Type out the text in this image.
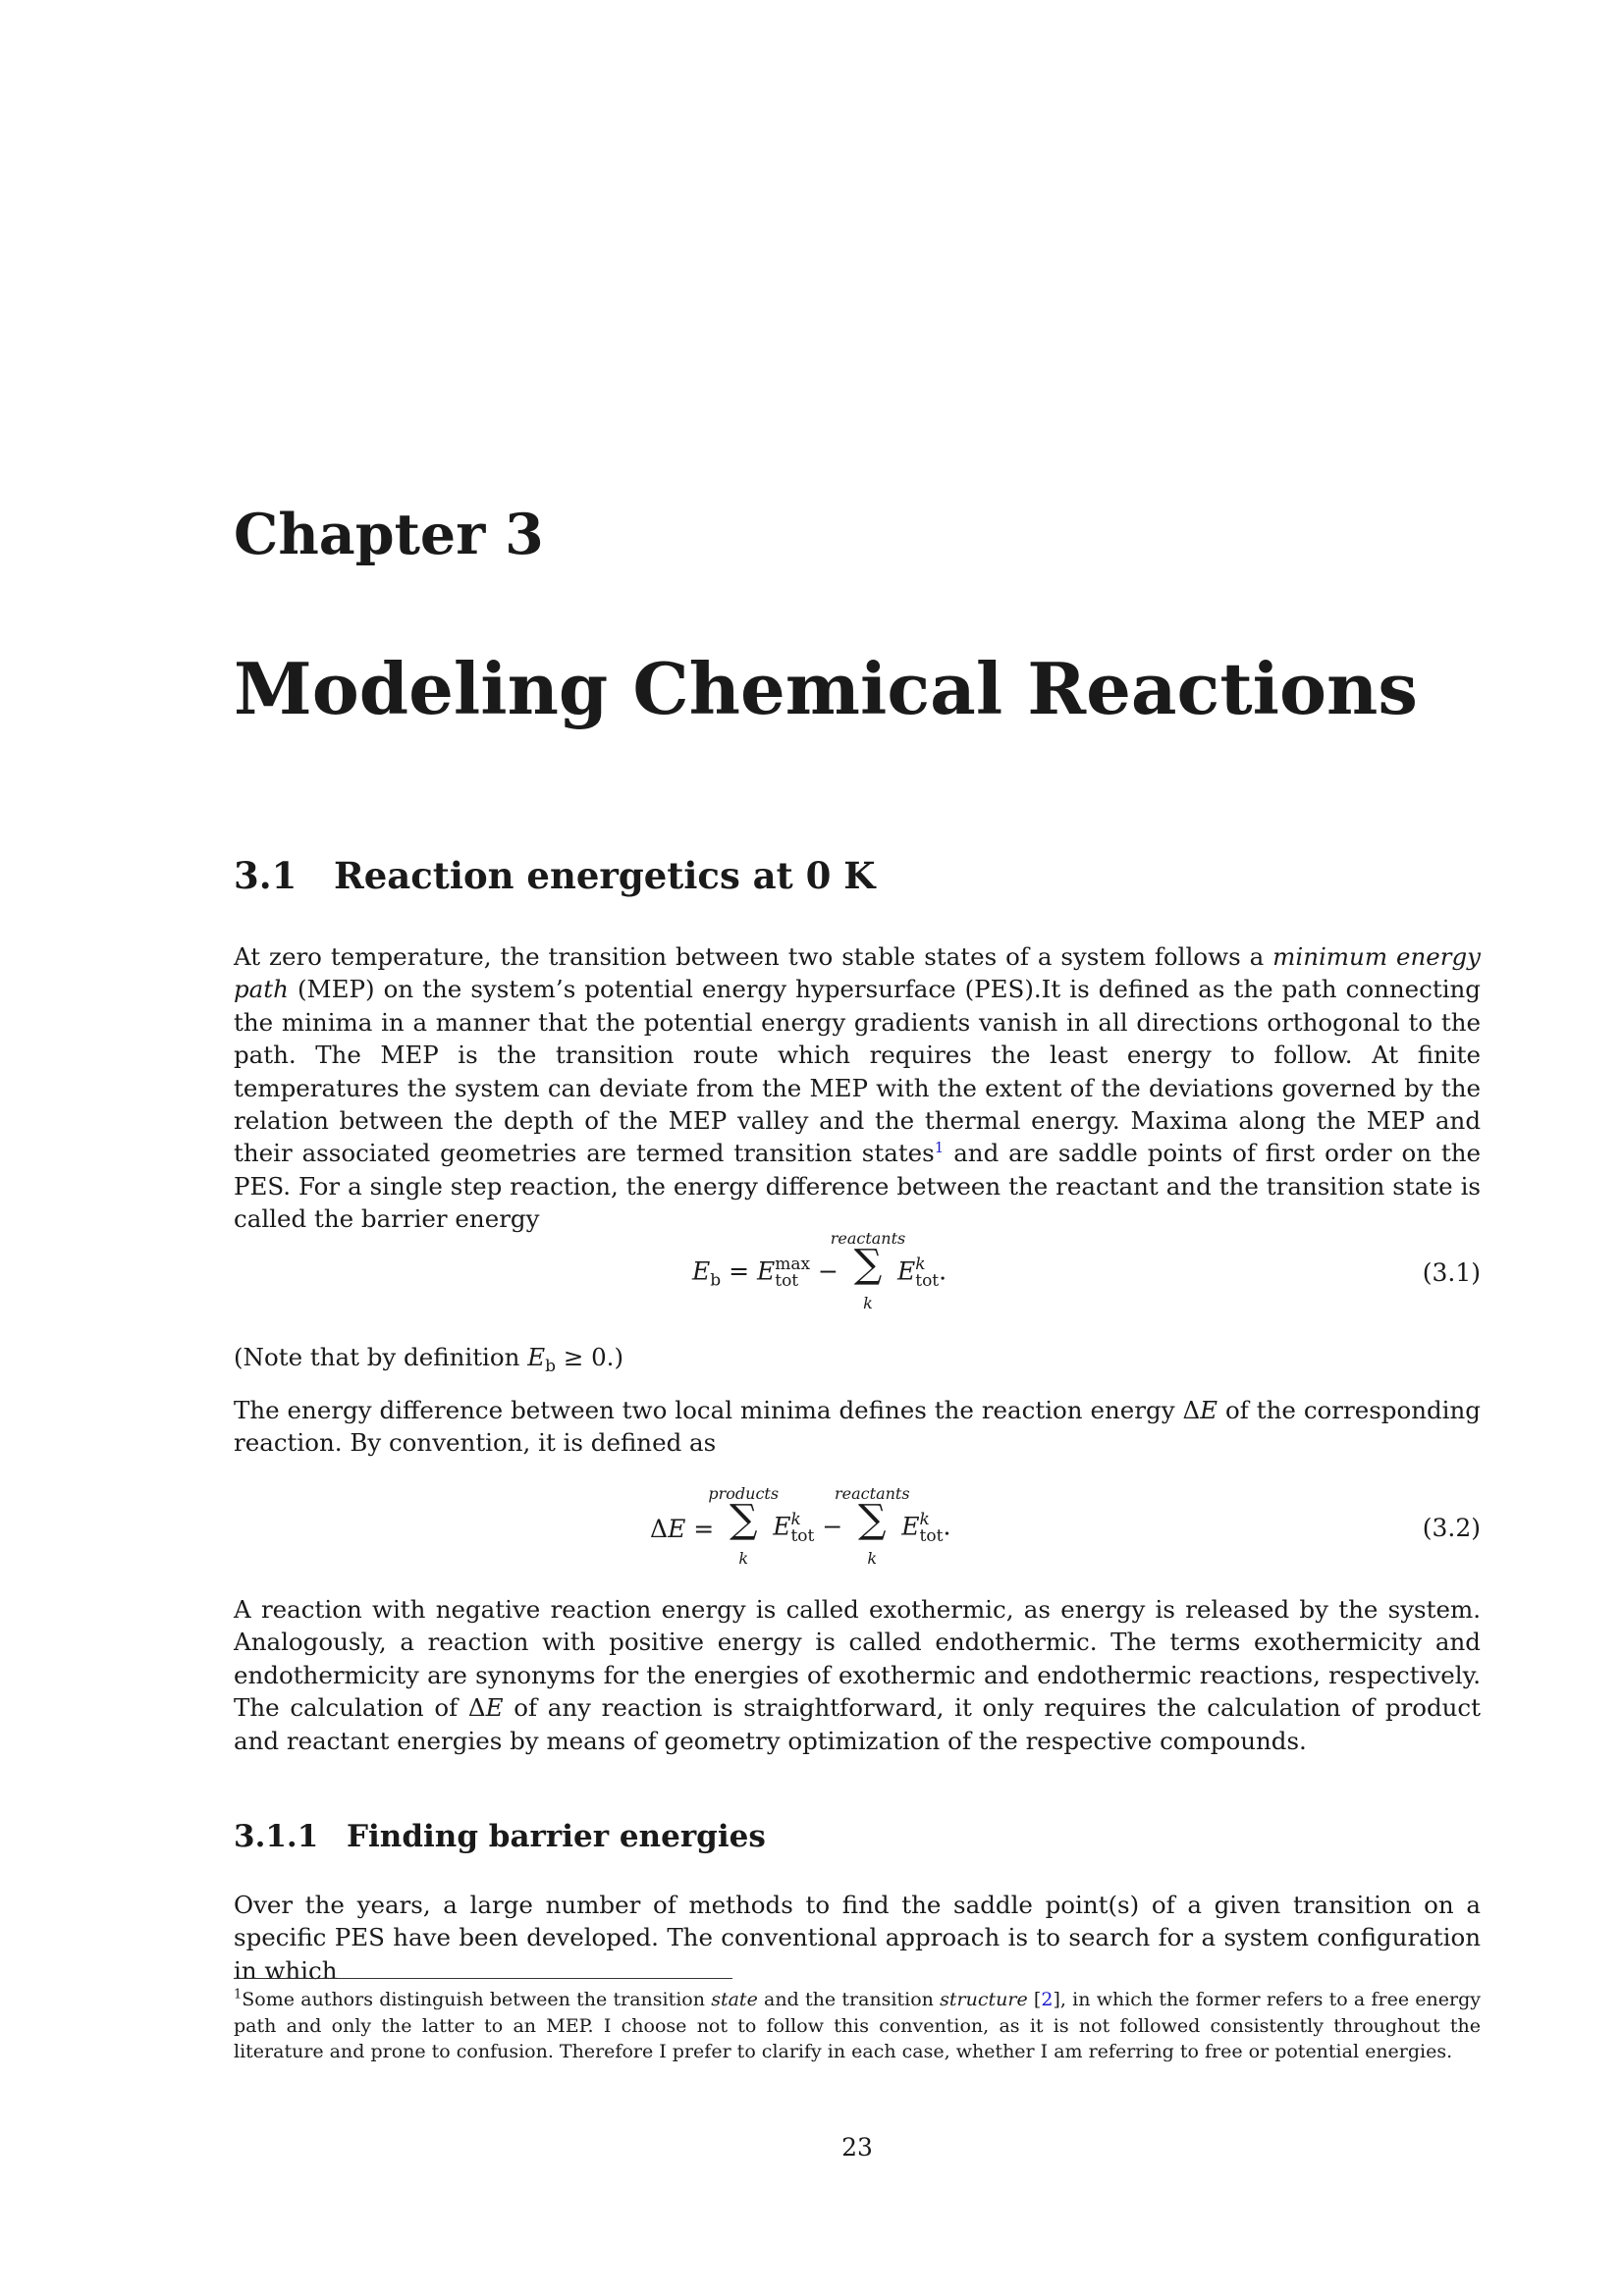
Chapter 3
Modeling Chemical Reactions
3.1 Reaction energetics at 0 K

At zero temperature, the transition between two stable states of a system follows a minimum energy path (MEP) on the system’s potential energy hypersurface (PES).It is defined as the path connecting the minima in a manner that the potential energy gradients vanish in all directions orthogonal to the path. The MEP is the transition route which requires the least energy to follow. At finite temperatures the system can deviate from the MEP with the extent of the deviations governed by the relation between the depth of the MEP valley and the thermal energy. Maxima along the MEP and their associated geometries are termed transition states$^1$ and are saddle points of first order on the PES. For a single step reaction, the energy difference between the reactant and the transition state is called the barrier energy

$E_b = E$ max
tot −
reactants
∑
k
E k
tot .	(3.1)

(Note that by definition $E_b \ge 0$.)

The energy difference between two local minima defines the reaction energy ΔE of the corresponding reaction. By convention, it is defined as

ΔE =
products
∑
k
E k
tot −
reactants
∑
k
E k
tot .	(3.2)

A reaction with negative reaction energy is called exothermic, as energy is released by the system. Analogously, a reaction with positive energy is called endothermic. The terms exothermicity and endothermicity are synonyms for the energies of exothermic and endothermic reactions, respectively. The calculation of ΔE of any reaction is straightforward, it only requires the calculation of product and reactant energies by means of geometry optimization of the respective compounds.

3.1.1 Finding barrier energies

Over the years, a large number of methods to find the saddle point(s) of a given transition on a specific PES have been developed. The conventional approach is to search for a system configuration in which

$^1$Some authors distinguish between the transition state and the transition structure [2], in which the former refers to a free energy path and only the latter to an MEP. I choose not to follow this convention, as it is not followed consistently throughout the literature and prone to confusion. Therefore I prefer to clarify in each case, whether I am referring to free or potential energies.

23
